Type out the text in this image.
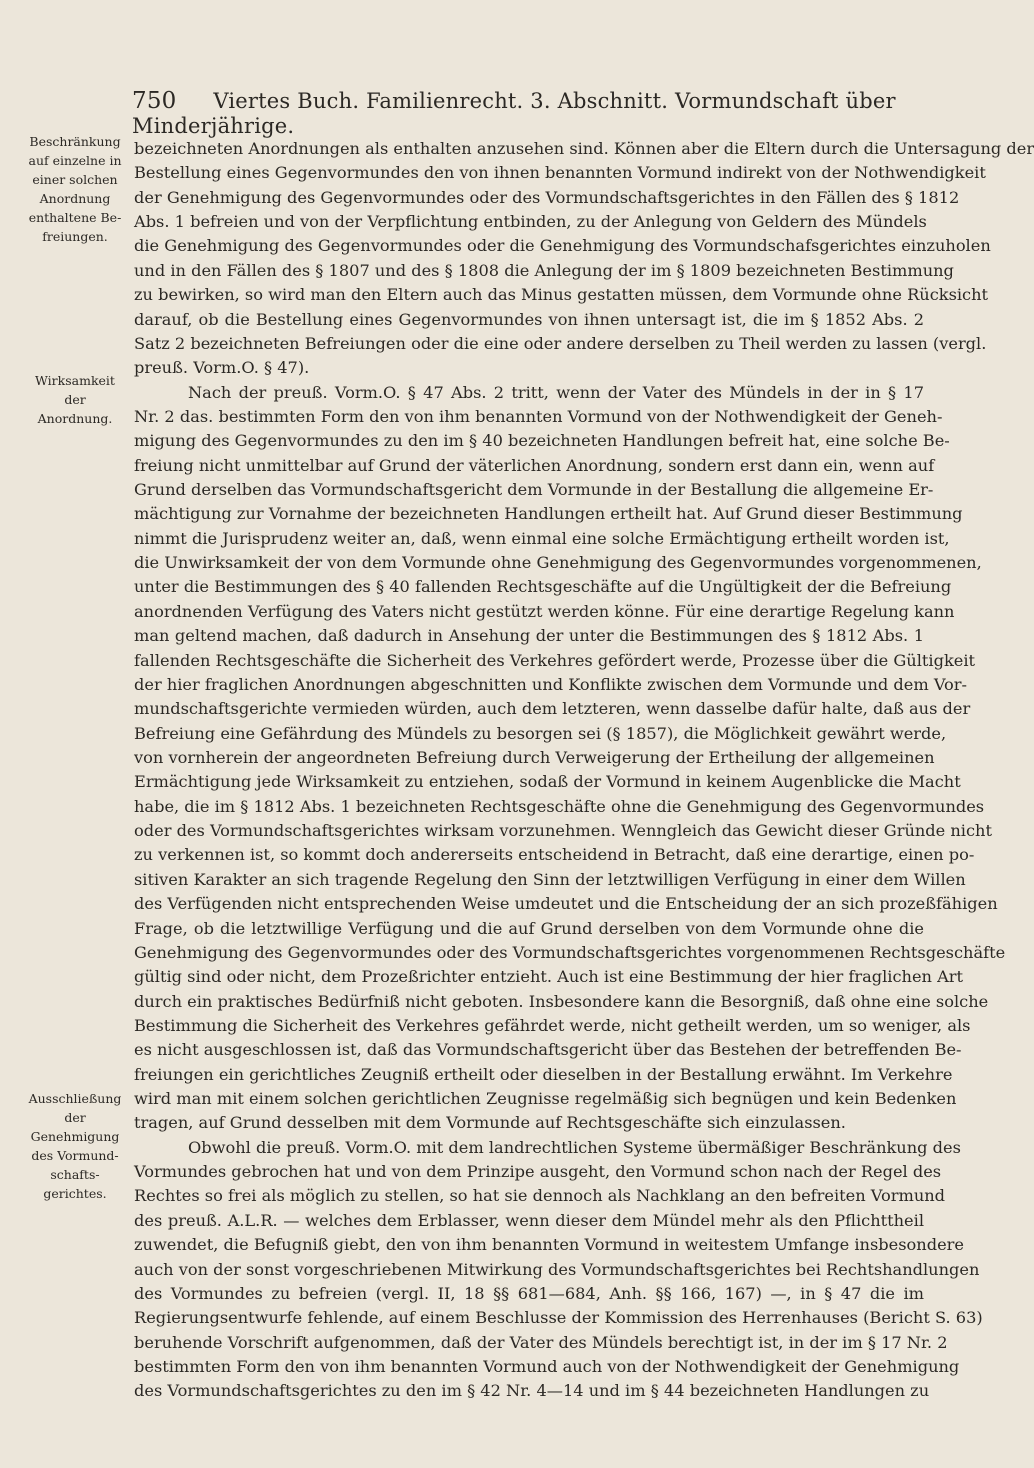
750 Viertes Buch. Familienrecht. 3. Abschnitt. Vormundschaft über Minderjährige.
Beschränkung
auf einzelne in
einer solchen
Anordnung
enthaltene Be-
freiungen.
Wirksamkeit der
Anordnung.
Ausschließung
der
Genehmigung
des Vormund-
schafts-
gerichtes.
bezeichneten Anordnungen als enthalten anzusehen sind. Können aber die Eltern durch die Untersagung der
Bestellung eines Gegenvormundes den von ihnen benannten Vormund indirekt von der Nothwendigkeit
der Genehmigung des Gegenvormundes oder des Vormundschaftsgerichtes in den Fällen des § 1812
Abs. 1 befreien und von der Verpflichtung entbinden, zu der Anlegung von Geldern des Mündels
die Genehmigung des Gegenvormundes oder die Genehmigung des Vormundschafsgerichtes einzuholen
und in den Fällen des § 1807 und des § 1808 die Anlegung der im § 1809 bezeichneten Bestimmung
zu bewirken, so wird man den Eltern auch das Minus gestatten müssen, dem Vormunde ohne Rücksicht
darauf, ob die Bestellung eines Gegenvormundes von ihnen untersagt ist, die im § 1852 Abs. 2
Satz 2 bezeichneten Befreiungen oder die eine oder andere derselben zu Theil werden zu lassen (vergl.
preuß. Vorm.O. § 47).
Nach der preuß. Vorm.O. § 47 Abs. 2 tritt, wenn der Vater des Mündels in der in § 17
Nr. 2 das. bestimmten Form den von ihm benannten Vormund von der Nothwendigkeit der Geneh-
migung des Gegenvormundes zu den im § 40 bezeichneten Handlungen befreit hat, eine solche Be-
freiung nicht unmittelbar auf Grund der väterlichen Anordnung, sondern erst dann ein, wenn auf
Grund derselben das Vormundschaftsgericht dem Vormunde in der Bestallung die allgemeine Er-
mächtigung zur Vornahme der bezeichneten Handlungen ertheilt hat. Auf Grund dieser Bestimmung
nimmt die Jurisprudenz weiter an, daß, wenn einmal eine solche Ermächtigung ertheilt worden ist,
die Unwirksamkeit der von dem Vormunde ohne Genehmigung des Gegenvormundes vorgenommenen,
unter die Bestimmungen des § 40 fallenden Rechtsgeschäfte auf die Ungültigkeit der die Befreiung
anordnenden Verfügung des Vaters nicht gestützt werden könne. Für eine derartige Regelung kann
man geltend machen, daß dadurch in Ansehung der unter die Bestimmungen des § 1812 Abs. 1
fallenden Rechtsgeschäfte die Sicherheit des Verkehres gefördert werde, Prozesse über die Gültigkeit
der hier fraglichen Anordnungen abgeschnitten und Konflikte zwischen dem Vormunde und dem Vor-
mundschaftsgerichte vermieden würden, auch dem letzteren, wenn dasselbe dafür halte, daß aus der
Befreiung eine Gefährdung des Mündels zu besorgen sei (§ 1857), die Möglichkeit gewährt werde,
von vornherein der angeordneten Befreiung durch Verweigerung der Ertheilung der allgemeinen
Ermächtigung jede Wirksamkeit zu entziehen, sodaß der Vormund in keinem Augenblicke die Macht
habe, die im § 1812 Abs. 1 bezeichneten Rechtsgeschäfte ohne die Genehmigung des Gegenvormundes
oder des Vormundschaftsgerichtes wirksam vorzunehmen. Wenngleich das Gewicht dieser Gründe nicht
zu verkennen ist, so kommt doch andererseits entscheidend in Betracht, daß eine derartige, einen po-
sitiven Karakter an sich tragende Regelung den Sinn der letztwilligen Verfügung in einer dem Willen
des Verfügenden nicht entsprechenden Weise umdeutet und die Entscheidung der an sich prozeßfähigen
Frage, ob die letztwillige Verfügung und die auf Grund derselben von dem Vormunde ohne die
Genehmigung des Gegenvormundes oder des Vormundschaftsgerichtes vorgenommenen Rechtsgeschäfte
gültig sind oder nicht, dem Prozeßrichter entzieht. Auch ist eine Bestimmung der hier fraglichen Art
durch ein praktisches Bedürfniß nicht geboten. Insbesondere kann die Besorgniß, daß ohne eine solche
Bestimmung die Sicherheit des Verkehres gefährdet werde, nicht getheilt werden, um so weniger, als
es nicht ausgeschlossen ist, daß das Vormundschaftsgericht über das Bestehen der betreffenden Be-
freiungen ein gerichtliches Zeugniß ertheilt oder dieselben in der Bestallung erwähnt. Im Verkehre
wird man mit einem solchen gerichtlichen Zeugnisse regelmäßig sich begnügen und kein Bedenken
tragen, auf Grund desselben mit dem Vormunde auf Rechtsgeschäfte sich einzulassen.
Obwohl die preuß. Vorm.O. mit dem landrechtlichen Systeme übermäßiger Beschränkung des
Vormundes gebrochen hat und von dem Prinzipe ausgeht, den Vormund schon nach der Regel des
Rechtes so frei als möglich zu stellen, so hat sie dennoch als Nachklang an den befreiten Vormund
des preuß. A.L.R. — welches dem Erblasser, wenn dieser dem Mündel mehr als den Pflichttheil
zuwendet, die Befugniß giebt, den von ihm benannten Vormund in weitestem Umfange insbesondere
auch von der sonst vorgeschriebenen Mitwirkung des Vormundschaftsgerichtes bei Rechtshandlungen
des Vormundes zu befreien (vergl. II, 18 §§ 681—684, Anh. §§ 166, 167) —, in § 47 die im
Regierungsentwurfe fehlende, auf einem Beschlusse der Kommission des Herrenhauses (Bericht S. 63)
beruhende Vorschrift aufgenommen, daß der Vater des Mündels berechtigt ist, in der im § 17 Nr. 2
bestimmten Form den von ihm benannten Vormund auch von der Nothwendigkeit der Genehmigung
des Vormundschaftsgerichtes zu den im § 42 Nr. 4—14 und im § 44 bezeichneten Handlungen zu
